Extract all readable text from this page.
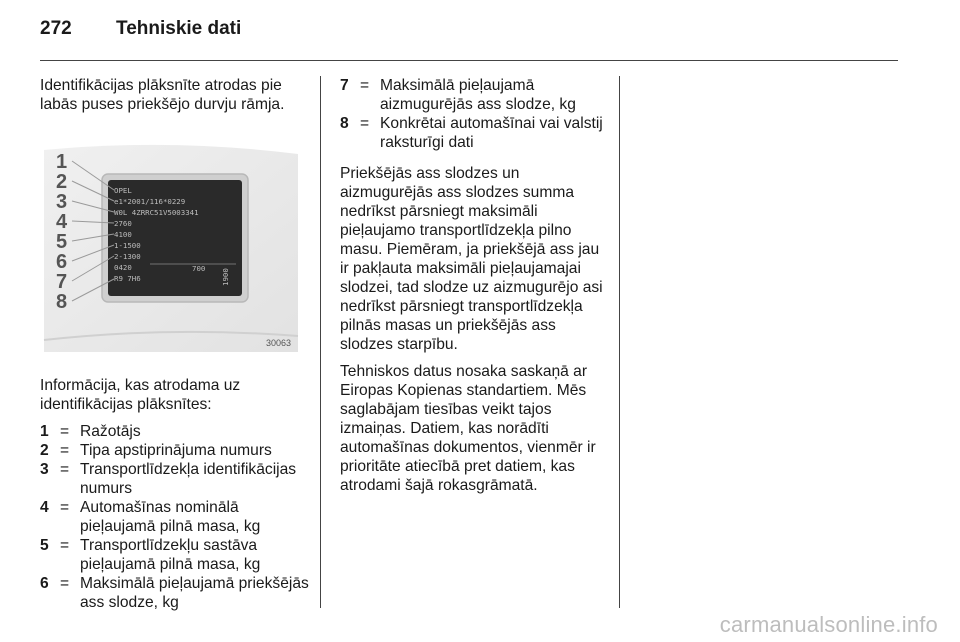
272 Tehniskie dati

Identifikācijas plāksnīte atrodas pie labās puses priekšējo durvju rāmja.

OPEL
e1*2001/116*0229
W0L 4ZRRC51V5003341
2760
4100
1-1500
2-1300
0420
R9 7H6
700 1900
1
2
3
4
5
6
7
8
30063

Informācija, kas atrodama uz identifikācijas plāksnītes:

1 = Ražotājs
2 = Tipa apstiprinājuma numurs
3 = Transportlīdzekļa identifikācijas numurs
4 = Automašīnas nominālā pieļaujamā pilnā masa, kg
5 = Transportlīdzekļu sastāva pieļaujamā pilnā masa, kg
6 = Maksimālā pieļaujamā priekšējās ass slodze, kg
7 = Maksimālā pieļaujamā aizmugurējās ass slodze, kg
8 = Konkrētai automašīnai vai valstij raksturīgi dati

Priekšējās ass slodzes un aizmugurējās ass slodzes summa nedrīkst pārsniegt maksimāli pieļaujamo transportlīdzekļa pilno masu. Piemēram, ja priekšējā ass jau ir pakļauta maksimāli pieļaujamajai slodzei, tad slodze uz aizmugurējo asi nedrīkst pārsniegt transportlīdzekļa pilnās masas un priekšējās ass slodzes starpību.

Tehniskos datus nosaka saskaņā ar Eiropas Kopienas standartiem. Mēs saglabājam tiesības veikt tajos izmaiņas. Datiem, kas norādīti automašīnas dokumentos, vienmēr ir prioritāte atiecībā pret datiem, kas atrodami šajā rokasgrāmatā.

carmanualsonline.info
